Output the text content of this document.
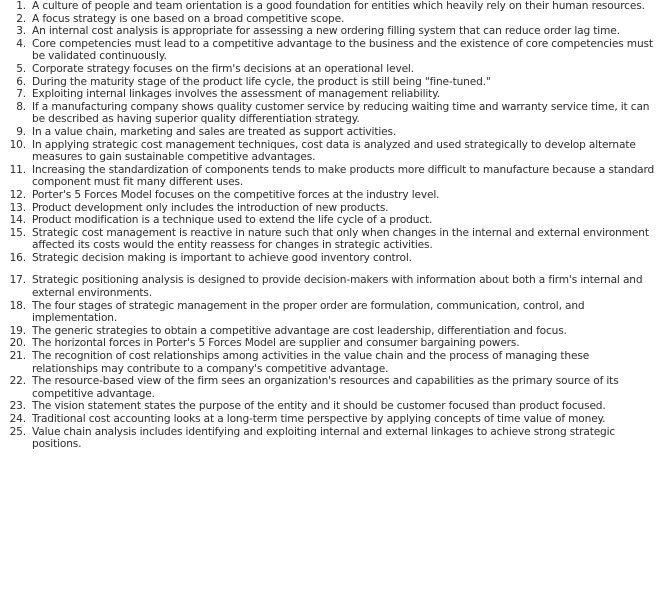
1. A culture of people and team orientation is a good foundation for entities which heavily rely on their human resources.
2. A focus strategy is one based on a broad competitive scope.
3. An internal cost analysis is appropriate for assessing a new ordering filling system that can reduce order lag time.
4. Core competencies must lead to a competitive advantage to the business and the existence of core competencies must be validated continuously.
5. Corporate strategy focuses on the firm's decisions at an operational level.
6. During the maturity stage of the product life cycle, the product is still being "fine-tuned."
7. Exploiting internal linkages involves the assessment of management reliability.
8. If a manufacturing company shows quality customer service by reducing waiting time and warranty service time, it can be described as having superior quality differentiation strategy.
9. In a value chain, marketing and sales are treated as support activities.
10. In applying strategic cost management techniques, cost data is analyzed and used strategically to develop alternate measures to gain sustainable competitive advantages.
11. Increasing the standardization of components tends to make products more difficult to manufacture because a standard component must fit many different uses.
12. Porter's 5 Forces Model focuses on the competitive forces at the industry level.
13. Product development only includes the introduction of new products.
14. Product modification is a technique used to extend the life cycle of a product.
15. Strategic cost management is reactive in nature such that only when changes in the internal and external environment affected its costs would the entity reassess for changes in strategic activities.
16. Strategic decision making is important to achieve good inventory control.
17. Strategic positioning analysis is designed to provide decision-makers with information about both a firm's internal and external environments.
18. The four stages of strategic management in the proper order are formulation, communication, control, and implementation.
19. The generic strategies to obtain a competitive advantage are cost leadership, differentiation and focus.
20. The horizontal forces in Porter's 5 Forces Model are supplier and consumer bargaining powers.
21. The recognition of cost relationships among activities in the value chain and the process of managing these relationships may contribute to a company's competitive advantage.
22. The resource-based view of the firm sees an organization's resources and capabilities as the primary source of its competitive advantage.
23. The vision statement states the purpose of the entity and it should be customer focused than product focused.
24. Traditional cost accounting looks at a long-term time perspective by applying concepts of time value of money.
25. Value chain analysis includes identifying and exploiting internal and external linkages to achieve strong strategic positions.
